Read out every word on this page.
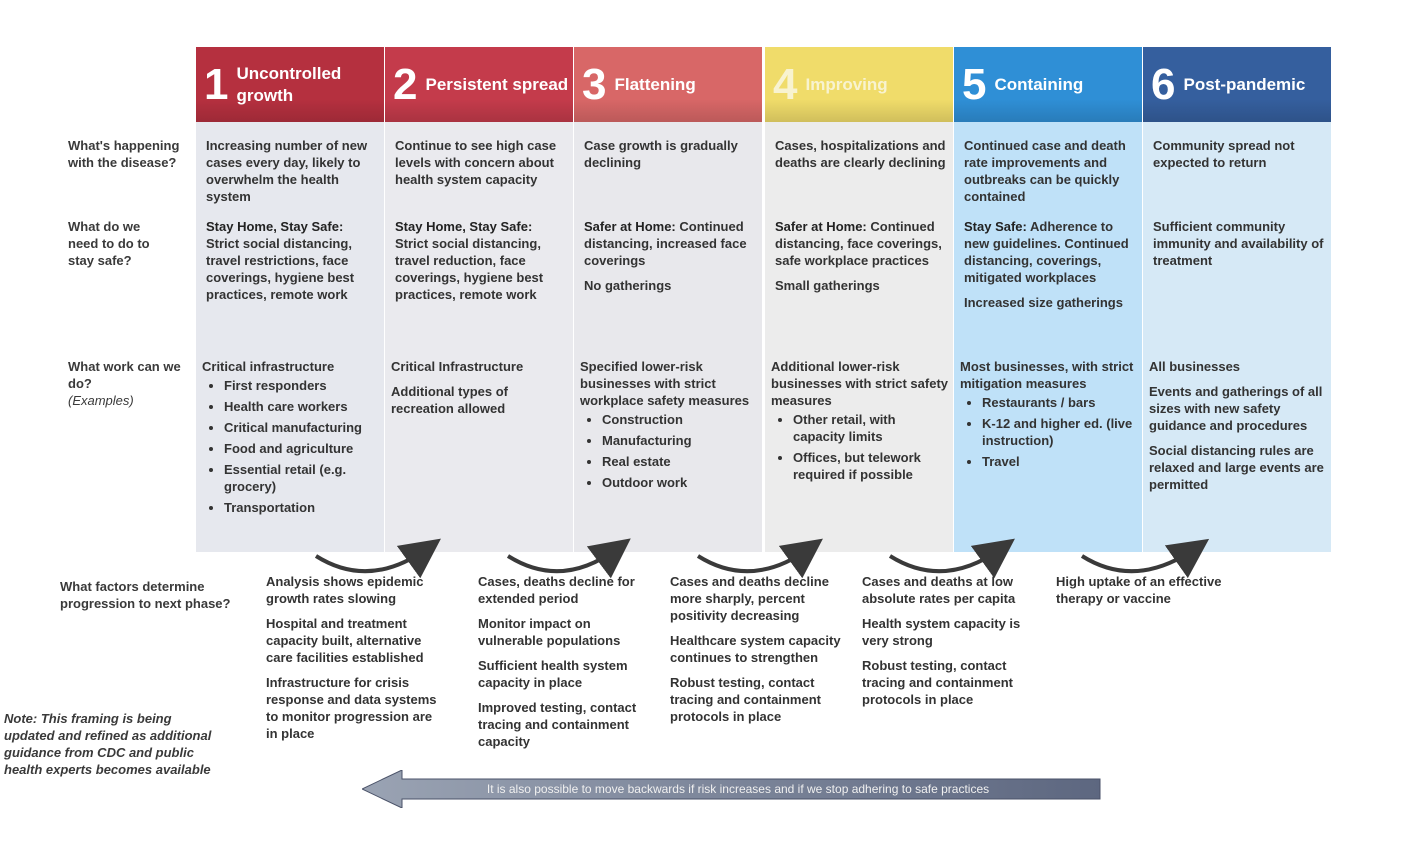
What's happening with the disease?
What do we need to do to stay safe?
What work can we do?
(Examples)
What factors determine progression to next phase?
1 Uncontrolled growth
Increasing number of new cases every day, likely to overwhelm the health system

Stay Home, Stay Safe: Strict social distancing, travel restrictions, face coverings, hygiene best practices, remote work

Critical infrastructure

• First responders
• Health care workers
• Critical manufacturing
• Food and agriculture
• Essential retail (e.g. grocery)
• Transportation
2 Persistent spread
Continue to see high case levels with concern about health system capacity

Stay Home, Stay Safe: Strict social distancing, travel reduction, face coverings, hygiene best practices, remote work

Critical Infrastructure

Additional types of recreation allowed

3 Flattening
Case growth is gradually declining

Safer at Home: Continued distancing, increased face coverings

No gatherings

Specified lower-risk businesses with strict workplace safety measures

• Construction
• Manufacturing
• Real estate
• Outdoor work
4 Improving
Cases, hospitalizations and deaths are clearly declining

Safer at Home: Continued distancing, face coverings, safe workplace practices

Small gatherings

Additional lower-risk businesses with strict safety measures

• Other retail, with capacity limits
• Offices, but telework required if possible
5 Containing
Continued case and death rate improvements and outbreaks can be quickly contained

Stay Safe: Adherence to new guidelines. Continued distancing, coverings, mitigated workplaces

Increased size gatherings

Most businesses, with strict mitigation measures

• Restaurants / bars
• K-12 and higher ed. (live instruction)
• Travel
6 Post-pandemic
Community spread not expected to return

Sufficient community immunity and availability of treatment

All businesses

Events and gatherings of all sizes with new safety guidance and procedures

Social distancing rules are relaxed and large events are permitted

Analysis shows epidemic growth rates slowing

Hospital and treatment capacity built, alternative care facilities established

Infrastructure for crisis response and data systems to monitor progression are in place

Cases, deaths decline for extended period

Monitor impact on vulnerable populations

Sufficient health system capacity in place

Improved testing, contact tracing and containment capacity

Cases and deaths decline more sharply, percent positivity decreasing

Healthcare system capacity continues to strengthen

Robust testing, contact tracing and containment protocols in place

Cases and deaths at low absolute rates per capita

Health system capacity is very strong

Robust testing, contact tracing and containment protocols in place

High uptake of an effective therapy or vaccine

Note: This framing is being updated and refined as additional guidance from CDC and public health experts becomes available
It is also possible to move backwards if risk increases and if we stop adhering to safe practices
